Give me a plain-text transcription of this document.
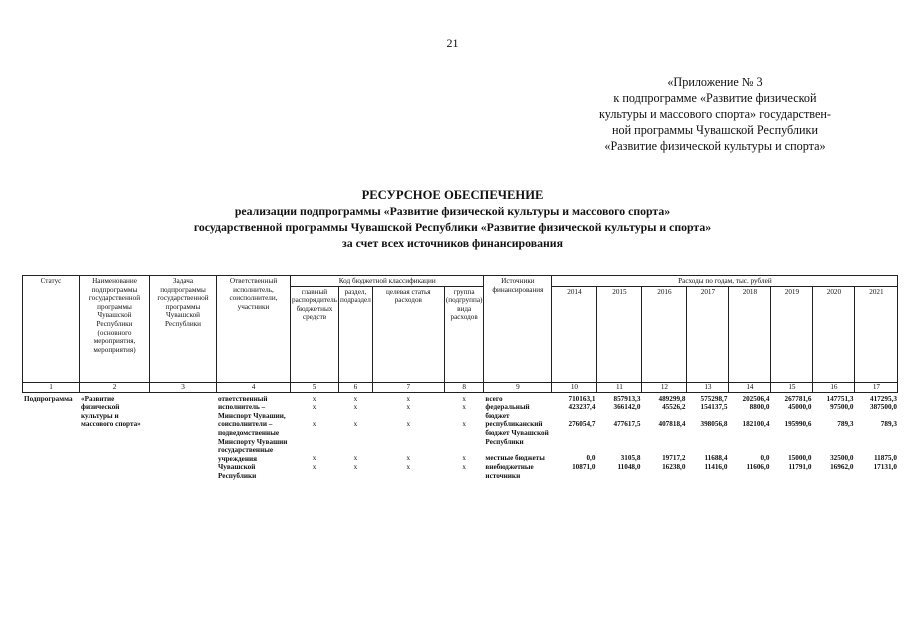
21
«Приложение № 3
к подпрограмме «Развитие физической
культуры и массового спорта» государствен-
ной программы Чувашской Республики
«Развитие физической культуры и спорта»
РЕСУРСНОЕ ОБЕСПЕЧЕНИЕ
реализации подпрограммы «Развитие физической культуры и массового спорта»
государственной программы Чувашской Республики «Развитие физической культуры и спорта»
за счет всех источников финансирования
Статус	Наименование подпрограммы государственной программы Чувашской Республики (основного мероприятия, мероприятия)	Задача подпрограммы государственной программы Чувашской Республики	Ответственный исполнитель, соисполнители, участники	Код бюджетной классификации				Источники финансирования	Расходы по годам, тыс. рублей							
				главный распорядитель бюджетных средств	раздел, подраздел	целевая статья расходов	группа (подгруппа) вида расходов		2014	2015	2016	2017	2018	2019	2020	2021
1	2	3	4	5	6	7	8	9	10	11	12	13	14	15	16	17
Подпрограмма	«Развитие физической культуры и массового спорта»		ответственный исполнитель – Минспорт Чувашии, соисполнители – подведомственные Минспорту Чувашии государственные учреждения Чувашской Республики	x	x	x	x	всего	710163,1	857913,3	489299,8	575298,7	202506,4	267781,6	147751,3	417295,3
				x	x	x	x	федеральный бюджет	423237,4	366142,0	45526,2	154137,5	8800,0	45000,0	97500,0	387500,0
				x	x	x	x	республиканский бюджет Чувашской Республики	276054,7	477617,5	407818,4	398056,8	182100,4	195990,6	789,3	789,3
				x	x	x	x	местные бюджеты	0,0	3105,8	19717,2	11688,4	0,0	15000,0	32500,0	11875,0
				x	x	x	x	внебюджетные источники	10871,0	11048,0	16238,0	11416,0	11606,0	11791,0	16962,0	17131,0
